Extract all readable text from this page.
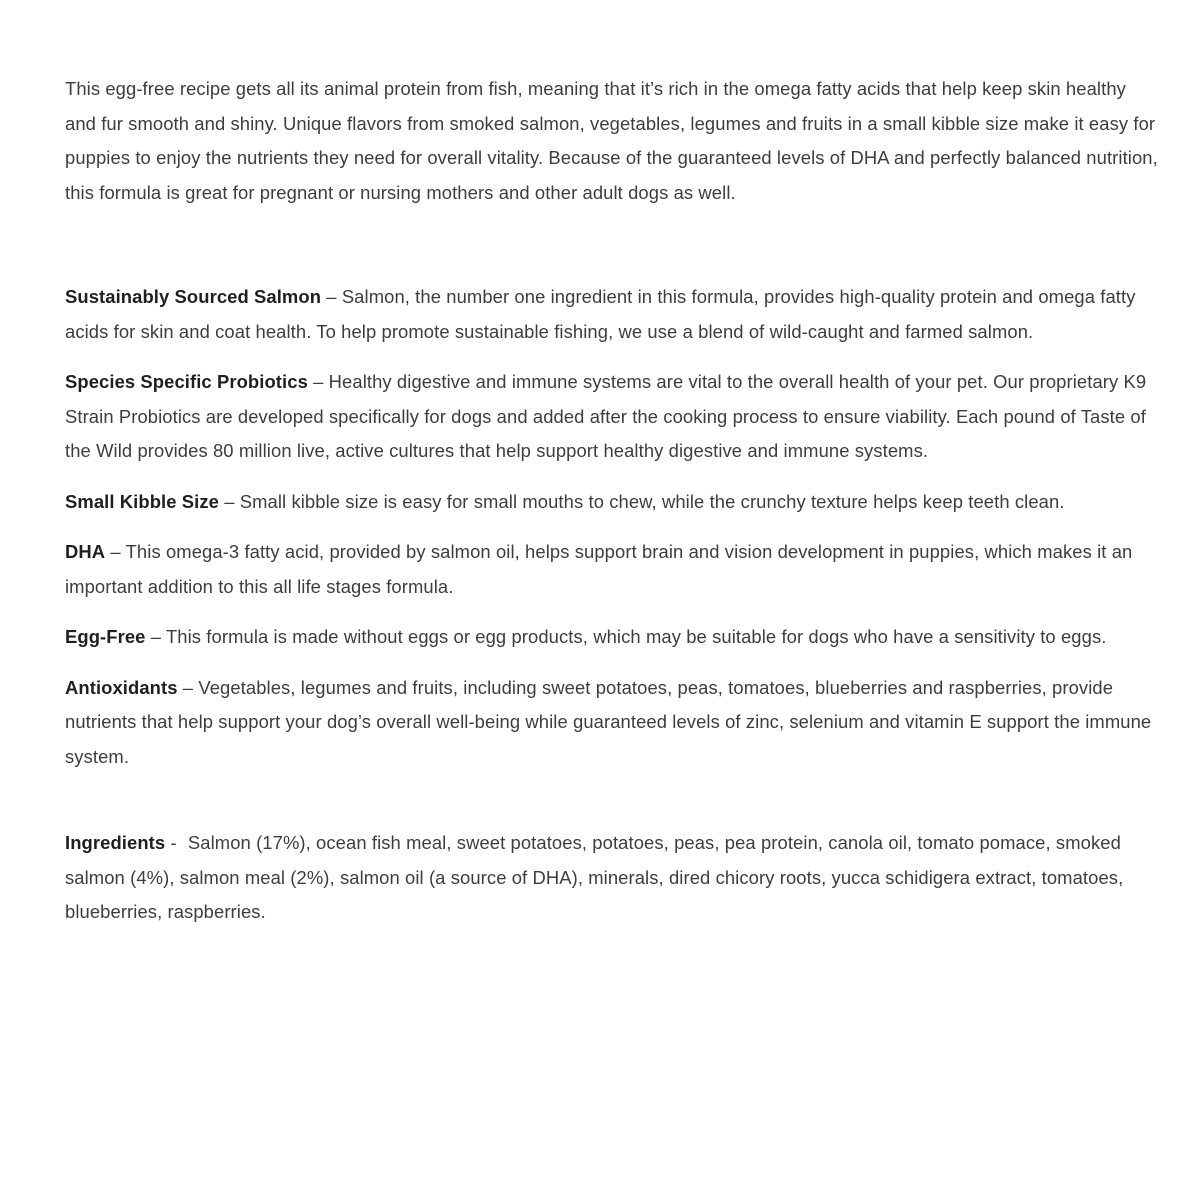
This egg-free recipe gets all its animal protein from fish, meaning that it’s rich in the omega fatty acids that help keep skin healthy and fur smooth and shiny. Unique flavors from smoked salmon, vegetables, legumes and fruits in a small kibble size make it easy for puppies to enjoy the nutrients they need for overall vitality. Because of the guaranteed levels of DHA and perfectly balanced nutrition, this formula is great for pregnant or nursing mothers and other adult dogs as well.

Sustainably Sourced Salmon – Salmon, the number one ingredient in this formula, provides high-quality protein and omega fatty acids for skin and coat health. To help promote sustainable fishing, we use a blend of wild-caught and farmed salmon.

Species Specific Probiotics – Healthy digestive and immune systems are vital to the overall health of your pet. Our proprietary K9 Strain Probiotics are developed specifically for dogs and added after the cooking process to ensure viability. Each pound of Taste of the Wild provides 80 million live, active cultures that help support healthy digestive and immune systems.

Small Kibble Size – Small kibble size is easy for small mouths to chew, while the crunchy texture helps keep teeth clean.

DHA – This omega-3 fatty acid, provided by salmon oil, helps support brain and vision development in puppies, which makes it an important addition to this all life stages formula.

Egg-Free – This formula is made without eggs or egg products, which may be suitable for dogs who have a sensitivity to eggs.

Antioxidants – Vegetables, legumes and fruits, including sweet potatoes, peas, tomatoes, blueberries and raspberries, provide nutrients that help support your dog’s overall well-being while guaranteed levels of zinc, selenium and vitamin E support the immune system.

Ingredients - Salmon (17%), ocean fish meal, sweet potatoes, potatoes, peas, pea protein, canola oil, tomato pomace, smoked salmon (4%), salmon meal (2%), salmon oil (a source of DHA), minerals, dired chicory roots, yucca schidigera extract, tomatoes, blueberries, raspberries.
